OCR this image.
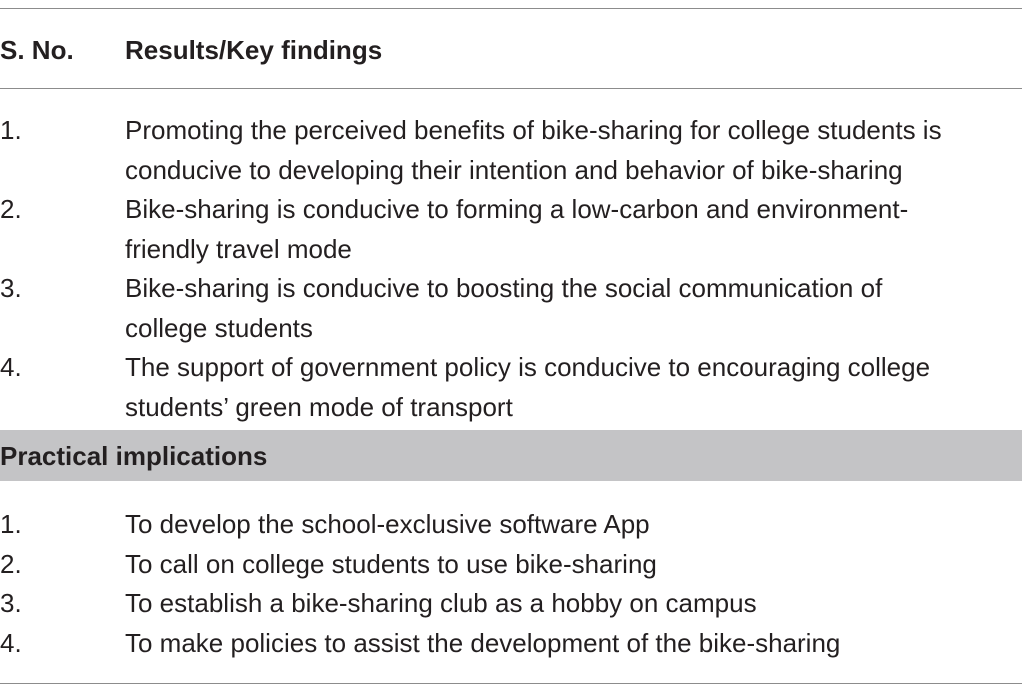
S. No. Results/Key findings
1.	Promoting the perceived benefits of bike-sharing for college students is
conducive to developing their intention and behavior of bike-sharing
2.	Bike-sharing is conducive to forming a low-carbon and environment-
friendly travel mode
3.	Bike-sharing is conducive to boosting the social communication of
college students
4.	The support of government policy is conducive to encouraging college
students’ green mode of transport
Practical implications
1.	To develop the school-exclusive software App
2.	To call on college students to use bike-sharing
3.	To establish a bike-sharing club as a hobby on campus
4.	To make policies to assist the development of the bike-sharing
